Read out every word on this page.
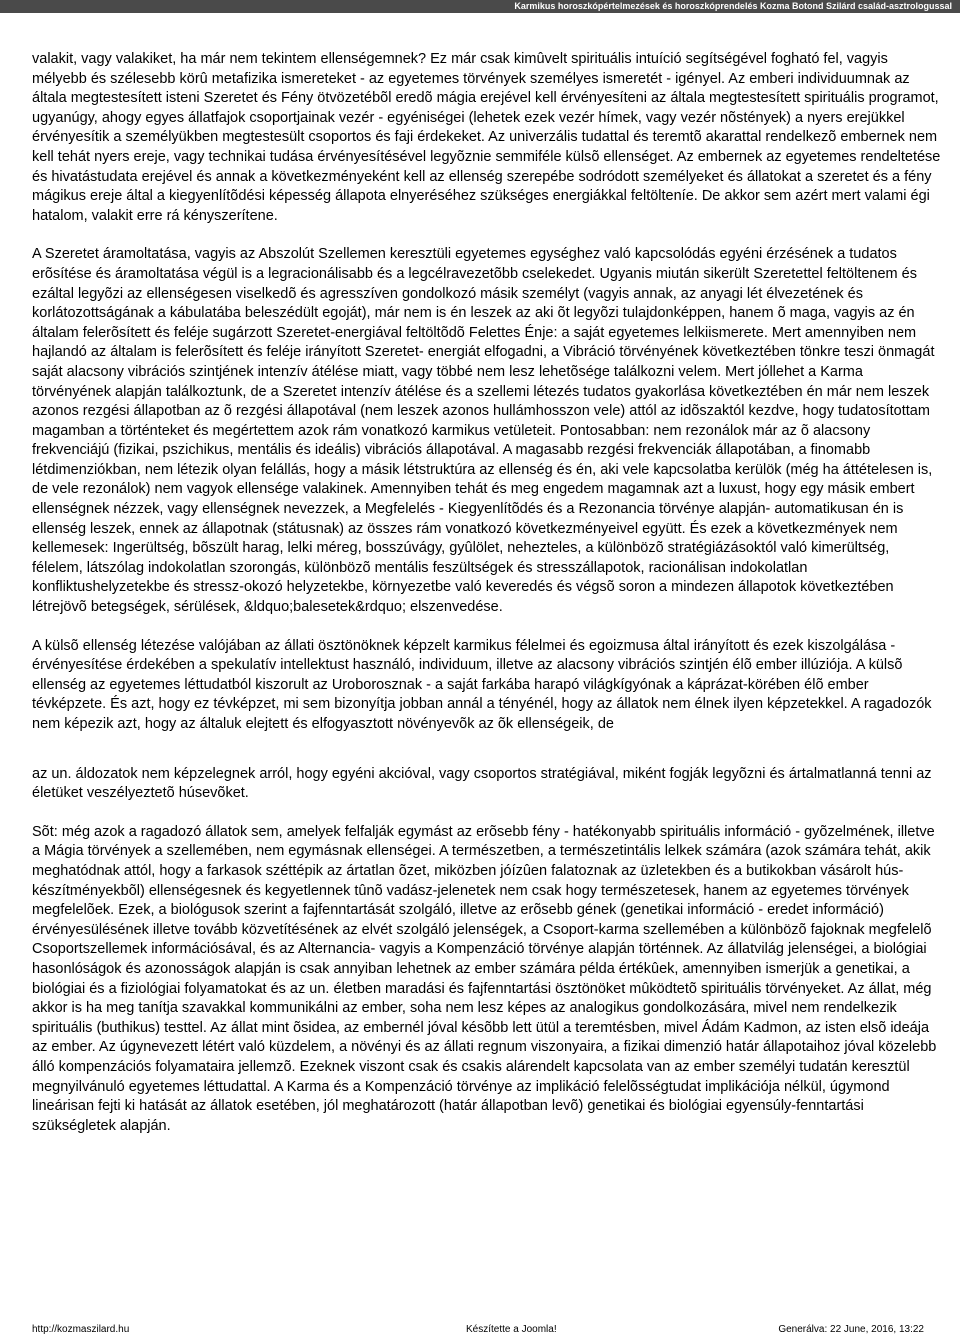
Karmikus horoszkópértelmezések és horoszkóprendelés Kozma Botond Szilárd család-asztrologussal

valakit, vagy valakiket, ha már nem tekintem ellenségemnek? Ez már csak kimûvelt spirituális intuíció segítségével fogható fel, vagyis mélyebb és szélesebb körû metafizika ismereteket - az egyetemes törvények személyes ismeretét - igényel. Az emberi individuumnak az általa megtestesített isteni Szeretet és Fény ötvözetébõl eredõ mágia erejével kell érvényesíteni az általa megtestesített spirituális programot, ugyanúgy, ahogy egyes állatfajok csoportjainak vezér - egyéniségei (lehetek ezek vezér hímek, vagy vezér nõstények) a nyers erejükkel érvényesítik a személyükben megtestesült csoportos és faji érdekeket. Az univerzális tudattal és teremtõ akarattal rendelkezõ embernek nem kell tehát nyers ereje, vagy technikai tudása érvényesítésével legyõznie semmiféle külsõ ellenséget. Az embernek az egyetemes rendeltetése és hivatástudata erejével és annak a következményeként kell az ellenség szerepébe sodródott személyeket és állatokat a szeretet és a fény mágikus ereje által a kiegyenlítõdési képesség állapota elnyeréséhez szükséges energiákkal feltölteníe. De akkor sem azért mert valami égi hatalom, valakit erre rá kényszerítene.

A Szeretet áramoltatása, vagyis az Abszolút Szellemen keresztüli egyetemes egységhez való kapcsolódás egyéni érzésének a tudatos erõsítése és áramoltatása végül is a legracionálisabb és a legcélravezetõbb cselekedet. Ugyanis miután sikerült Szeretettel feltöltenem és ezáltal legyõzi az ellenségesen viselkedõ és agresszíven gondolkozó másik személyt (vagyis annak, az anyagi lét élvezetének és korlátozottságának a kábulatába beleszédült egoját), már nem is én leszek az aki õt legyõzi tulajdonképpen, hanem õ maga, vagyis az én általam felerõsített és feléje sugárzott Szeretet-energiával feltöltõdõ Felettes Énje: a saját egyetemes lelkiismerete. Mert amennyiben nem hajlandó az általam is felerõsített és feléje irányított Szeretet- energiát elfogadni, a Vibráció törvényének következtében tönkre teszi önmagát saját alacsony vibrációs szintjének intenzív átélése miatt, vagy többé nem lesz lehetõsége találkozni velem. Mert jóllehet a Karma törvényének alapján találkoztunk, de a Szeretet intenzív átélése és a szellemi létezés tudatos gyakorlása következtében én már nem leszek azonos rezgési állapotban az õ rezgési állapotával (nem leszek azonos hullámhosszon vele) attól az idõszaktól kezdve, hogy tudatosítottam magamban a történteket és megértettem azok rám vonatkozó karmikus vetületeit. Pontosabban: nem rezonálok már az õ alacsony frekvenciájú (fizikai, pszichikus, mentális és ideális) vibrációs állapotával. A magasabb rezgési frekvenciák állapotában, a finomabb létdimenziókban, nem létezik olyan felállás, hogy a másik létstruktúra az ellenség és én, aki vele kapcsolatba kerülök (még ha áttételesen is, de vele rezonálok) nem vagyok ellensége valakinek. Amennyiben tehát és meg engedem magamnak azt a luxust, hogy egy másik embert ellenségnek nézzek, vagy ellenségnek nevezzek, a Megfelelés - Kiegyenlítõdés és a Rezonancia törvénye alapján- automatikusan én is ellenség leszek, ennek az állapotnak (státusnak) az összes rám vonatkozó következményeivel együtt. És ezek a következmények nem kellemesek: Ingerültség, bõszült harag, lelki méreg, bosszúvágy, gyûlölet, nehezteles, a különbözõ stratégiázásoktól való kimerültség, félelem, látszólag indokolatlan szorongás, különbözõ mentális feszültségek és stresszállapotok, racionálisan indokolatlan konfliktushelyzetekbe és stressz-okozó helyzetekbe, környezetbe való keveredés és végsõ soron a mindezen állapotok következtében létrejövõ betegségek, sérülések, &ldquo;balesetek&rdquo; elszenvedése.

A külsõ ellenség létezése valójában az állati ösztönöknek képzelt karmikus félelmei és egoizmusa által irányított és ezek kiszolgálása - érvényesítése érdekében a spekulatív intellektust használó, individuum, illetve az alacsony vibrációs szintjén élõ ember illúziója. A külsõ ellenség az egyetemes léttudatból kiszorult az Uroborosznak - a saját farkába harapó világkígyónak a káprázat-körében élõ ember tévképzete. És azt, hogy ez tévképzet, mi sem bizonyítja jobban annál a tényénél, hogy az állatok nem élnek ilyen képzetekkel. A ragadozók nem képezik azt, hogy az általuk elejtett és elfogyasztott növényevõk az õk ellenségeik, de

az un. áldozatok nem képzelegnek arról, hogy egyéni akcióval, vagy csoportos stratégiával, miként fogják legyõzni és ártalmatlanná tenni az életüket veszélyeztetõ húsevõket.

Sõt: még azok a ragadozó állatok sem, amelyek felfalják egymást az erõsebb fény - hatékonyabb spirituális információ - gyõzelmének, illetve a Mágia törvények a szellemében, nem egymásnak ellenségei. A természetben, a természetintális lelkek számára (azok számára tehát, akik meghatódnak attól, hogy a farkasok széttépik az ártatlan õzet, miközben jóízûen falatoznak az üzletekben és a butikokban vásárolt hús-készítményekbõl) ellenségesnek és kegyetlennek tûnõ vadász-jelenetek nem csak hogy természetesek, hanem az egyetemes törvények megfelelõek. Ezek, a biológusok szerint a fajfenntartását szolgáló, illetve az erõsebb gének (genetikai információ - eredet információ) érvényesülésének illetve tovább közvetítésének az elvét szolgáló jelenségek, a Csoport-karma szellemében a különbözõ fajoknak megfelelõ Csoportszellemek információsával, és az Alternancia- vagyis a Kompenzáció törvénye alapján történnek. Az állatvilág jelenségei, a biológiai hasonlóságok és azonosságok alapján is csak annyiban lehetnek az ember számára példa értékûek, amennyiben ismerjük a genetikai, a biológiai és a fiziológiai folyamatokat és az un. életben maradási és fajfenntartási ösztönöket mûködtetõ spirituális törvényeket. Az állat, még akkor is ha meg tanítja szavakkal kommunikálni az ember, soha nem lesz képes az analogikus gondolkozására, mivel nem rendelkezik spirituális (buthikus) testtel. Az állat mint õsidea, az embernél jóval késõbb lett ütül a teremtésben, mivel Ádám Kadmon, az isten elsõ ideája az ember. Az úgynevezett létért való küzdelem, a növényi és az állati regnum viszonyaira, a fizikai dimenzió határ állapotaihoz jóval közelebb álló kompenzációs folyamataira jellemzõ. Ezeknek viszont csak és csakis alárendelt kapcsolata van az ember személyi tudatán keresztül megnyilvánuló egyetemes léttudattal. A Karma és a Kompenzáció törvénye az implikáció felelõsségtudat implikációja nélkül, úgymond lineárisan fejti ki hatását az állatok esetében, jól meghatározott (határ állapotban levõ) genetikai és biológiai egyensúly-fenntartási szükségletek alapján.

http://kozmaszilard.hu	Készítette a Joomla!	Generálva: 22 June, 2016, 13:22
